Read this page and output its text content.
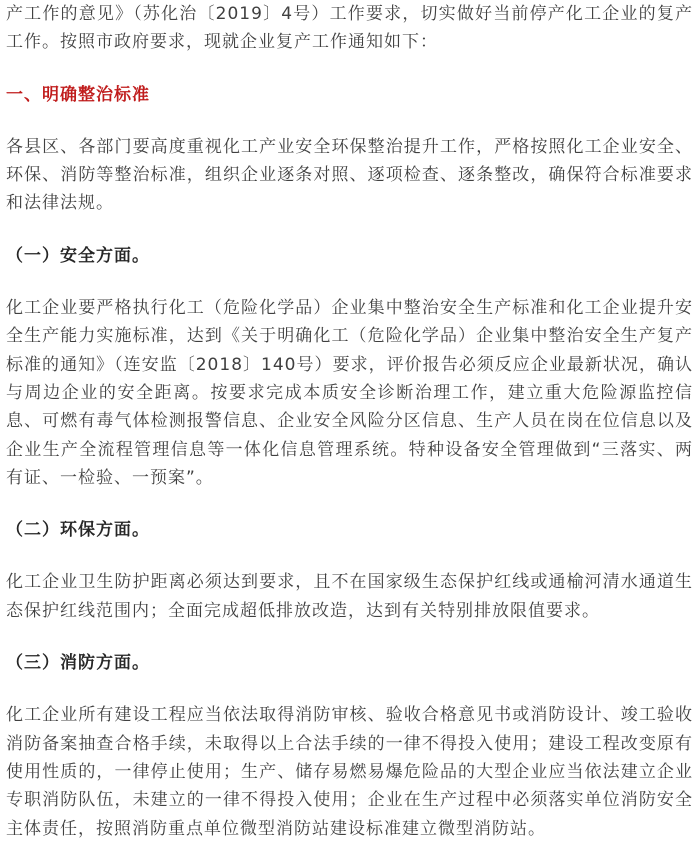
产工作的意见》（苏化治〔2019〕4号）工作要求，切实做好当前停产化工企业的复产工作。按照市政府要求，现就企业复产工作通知如下：

一、明确整治标准

各县区、各部门要高度重视化工产业安全环保整治提升工作，严格按照化工企业安全、环保、消防等整治标准，组织企业逐条对照、逐项检查、逐条整改，确保符合标准要求和法律法规。

（一）安全方面。

化工企业要严格执行化工（危险化学品）企业集中整治安全生产标准和化工企业提升安全生产能力实施标准，达到《关于明确化工（危险化学品）企业集中整治安全生产复产标准的通知》（连安监〔2018〕140号）要求，评价报告必须反应企业最新状况，确认与周边企业的安全距离。按要求完成本质安全诊断治理工作，建立重大危险源监控信息、可燃有毒气体检测报警信息、企业安全风险分区信息、生产人员在岗在位信息以及企业生产全流程管理信息等一体化信息管理系统。特种设备安全管理做到“三落实、两有证、一检验、一预案”。

（二）环保方面。

化工企业卫生防护距离必须达到要求，且不在国家级生态保护红线或通榆河清水通道生态保护红线范围内；全面完成超低排放改造，达到有关特别排放限值要求。

（三）消防方面。

化工企业所有建设工程应当依法取得消防审核、验收合格意见书或消防设计、竣工验收消防备案抽查合格手续，未取得以上合法手续的一律不得投入使用；建设工程改变原有使用性质的，一律停止使用；生产、储存易燃易爆危险品的大型企业应当依法建立企业专职消防队伍，未建立的一律不得投入使用；企业在生产过程中必须落实单位消防安全主体责任，按照消防重点单位微型消防站建设标准建立微型消防站。
